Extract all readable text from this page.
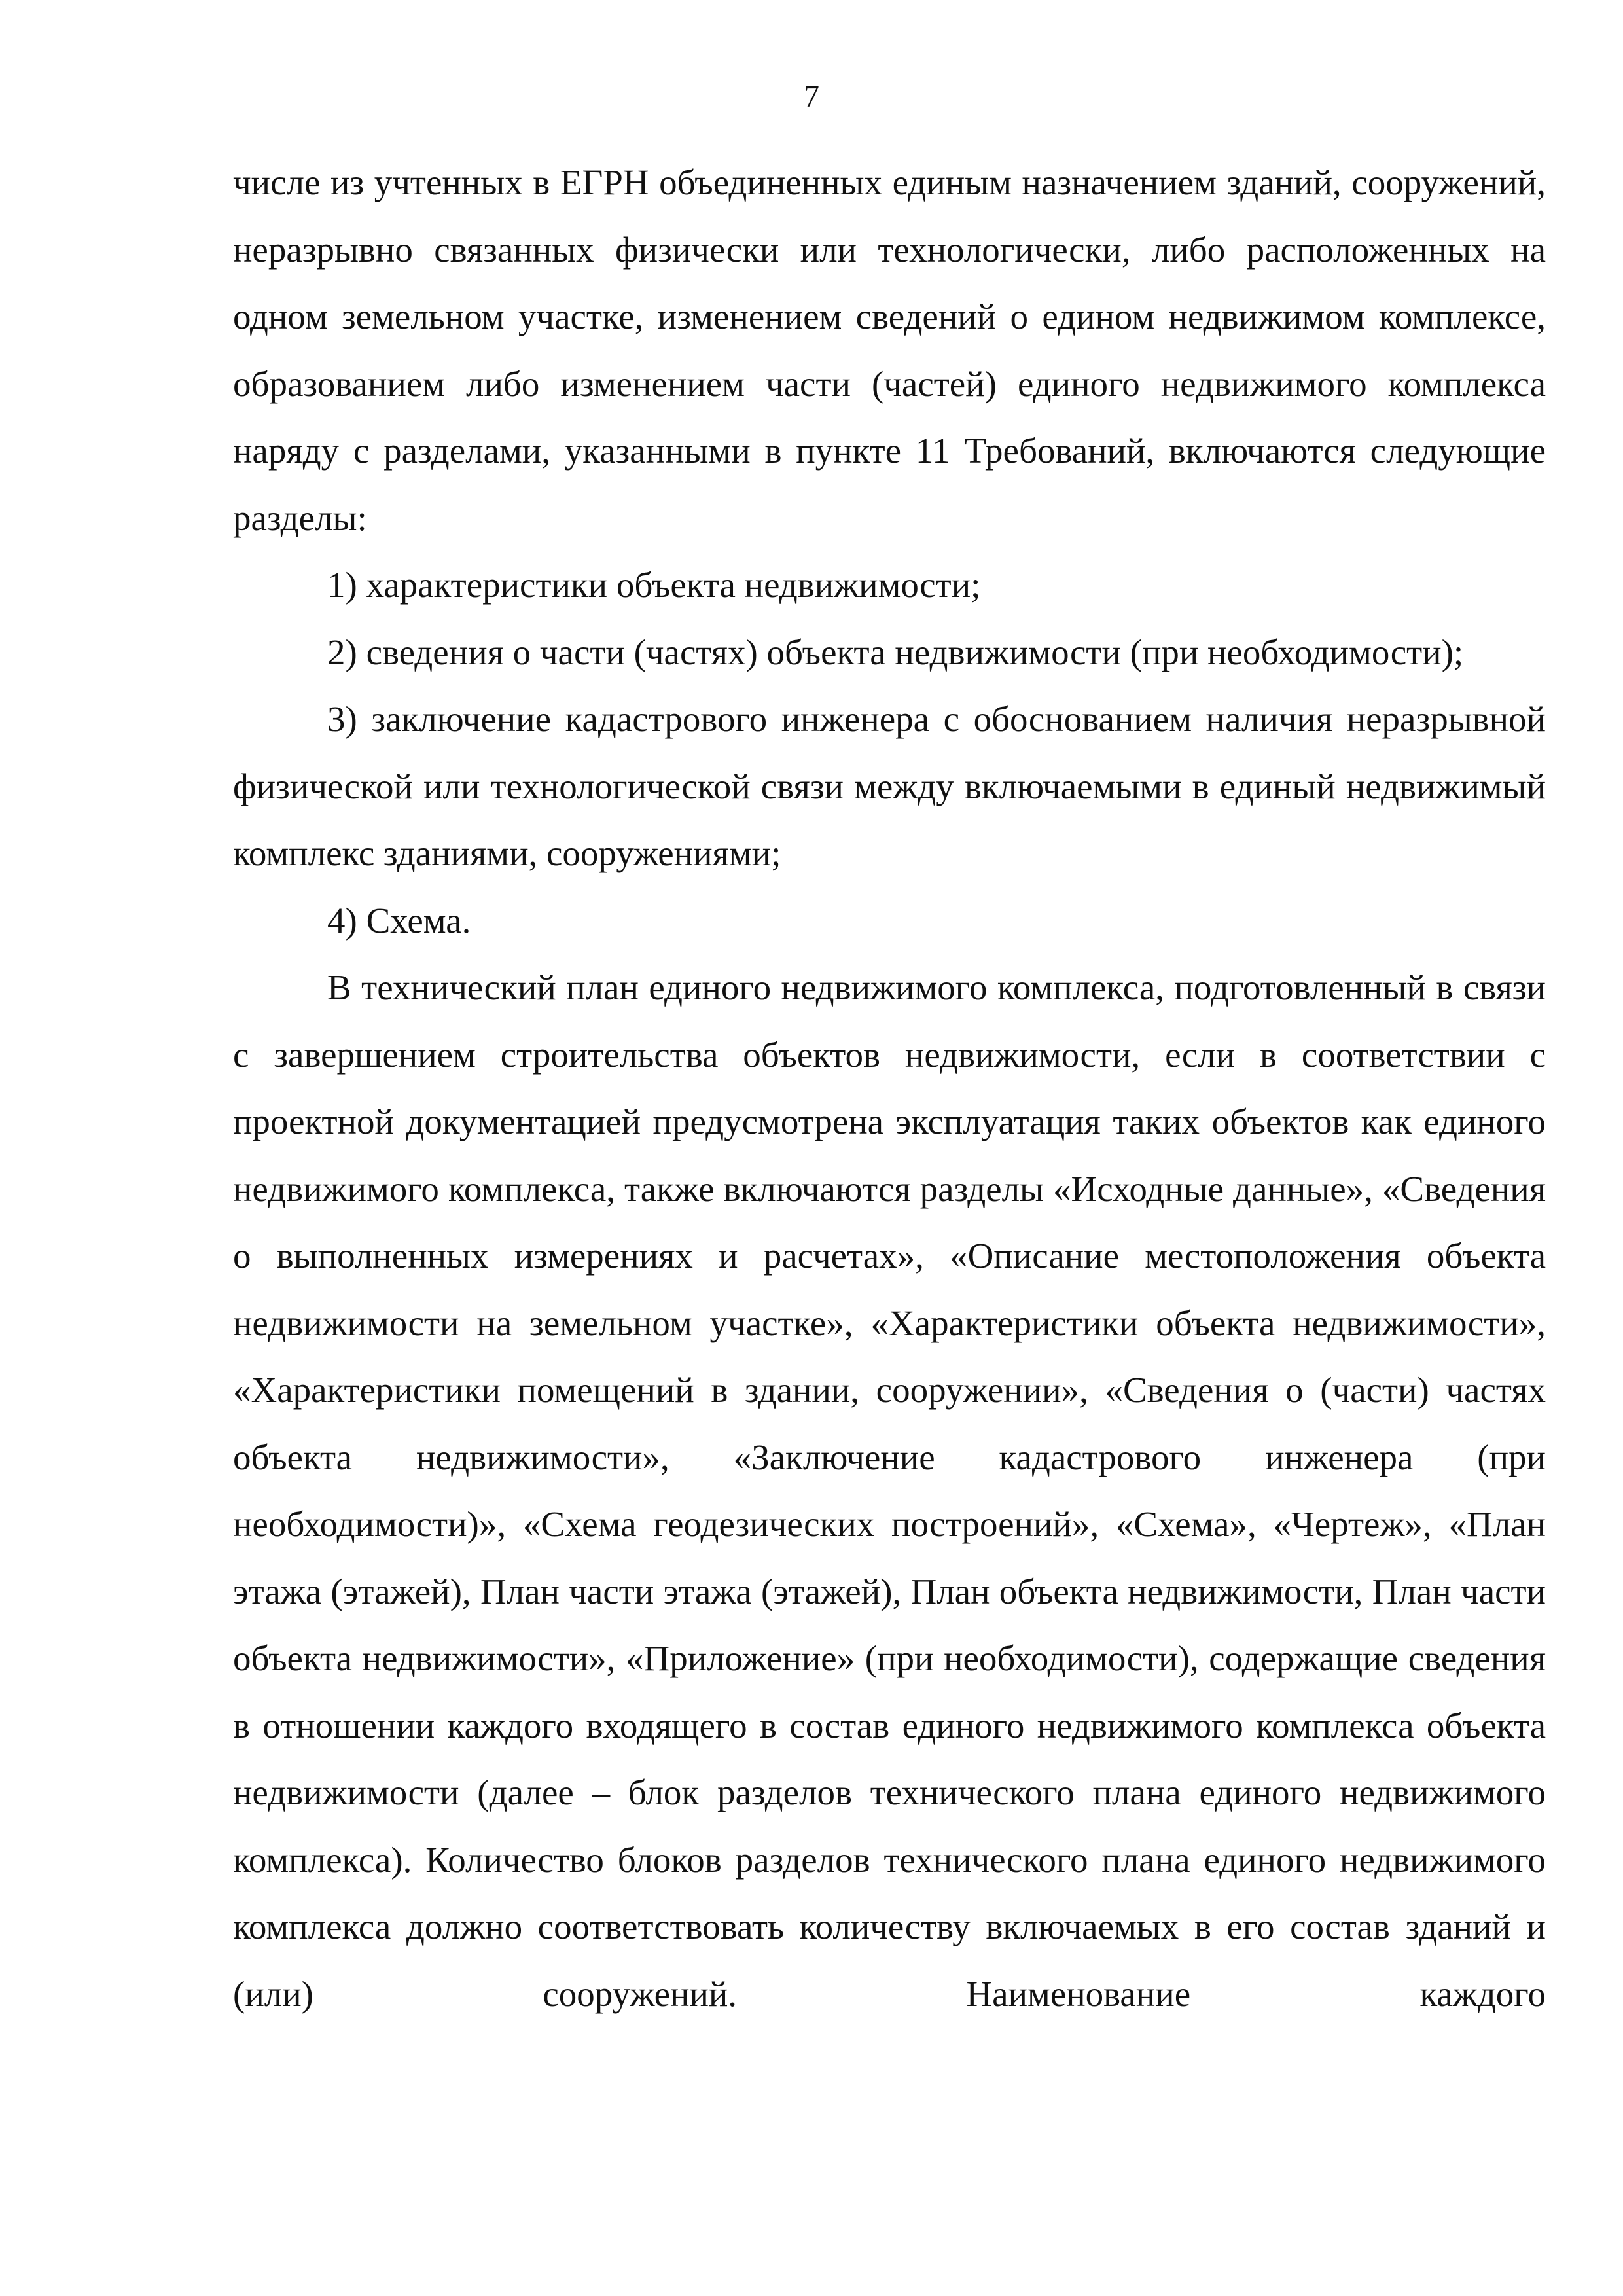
7

числе из учтенных в ЕГРН объединенных единым назначением зданий, сооружений, неразрывно связанных физически или технологически, либо расположенных на одном земельном участке, изменением сведений о едином недвижимом комплексе, образованием либо изменением части (частей) единого недвижимого комплекса наряду с разделами, указанными в пункте 11 Требований, включаются следующие разделы:

1) характеристики объекта недвижимости;

2) сведения о части (частях) объекта недвижимости (при необходимости);

3) заключение кадастрового инженера с обоснованием наличия неразрывной физической или технологической связи между включаемыми в единый недвижимый комплекс зданиями, сооружениями;

4) Схема.

В технический план единого недвижимого комплекса, подготовленный в связи с завершением строительства объектов недвижимости, если в соответствии с проектной документацией предусмотрена эксплуатация таких объектов как единого недвижимого комплекса, также включаются разделы «Исходные данные», «Сведения о выполненных измерениях и расчетах», «Описание местоположения объекта недвижимости на земельном участке», «Характеристики объекта недвижимости», «Характеристики помещений в здании, сооружении», «Сведения о (части) частях объекта недвижимости», «Заключение кадастрового инженера (при необходимости)», «Схема геодезических построений», «Схема», «Чертеж», «План этажа (этажей), План части этажа (этажей), План объекта недвижимости, План части объекта недвижимости», «Приложение» (при необходимости), содержащие сведения в отношении каждого входящего в состав единого недвижимого комплекса объекта недвижимости (далее – блок разделов технического плана единого недвижимого комплекса). Количество блоков разделов технического плана единого недвижимого комплекса должно соответствовать количеству включаемых в его состав зданий и (или) сооружений. Наименование каждого
